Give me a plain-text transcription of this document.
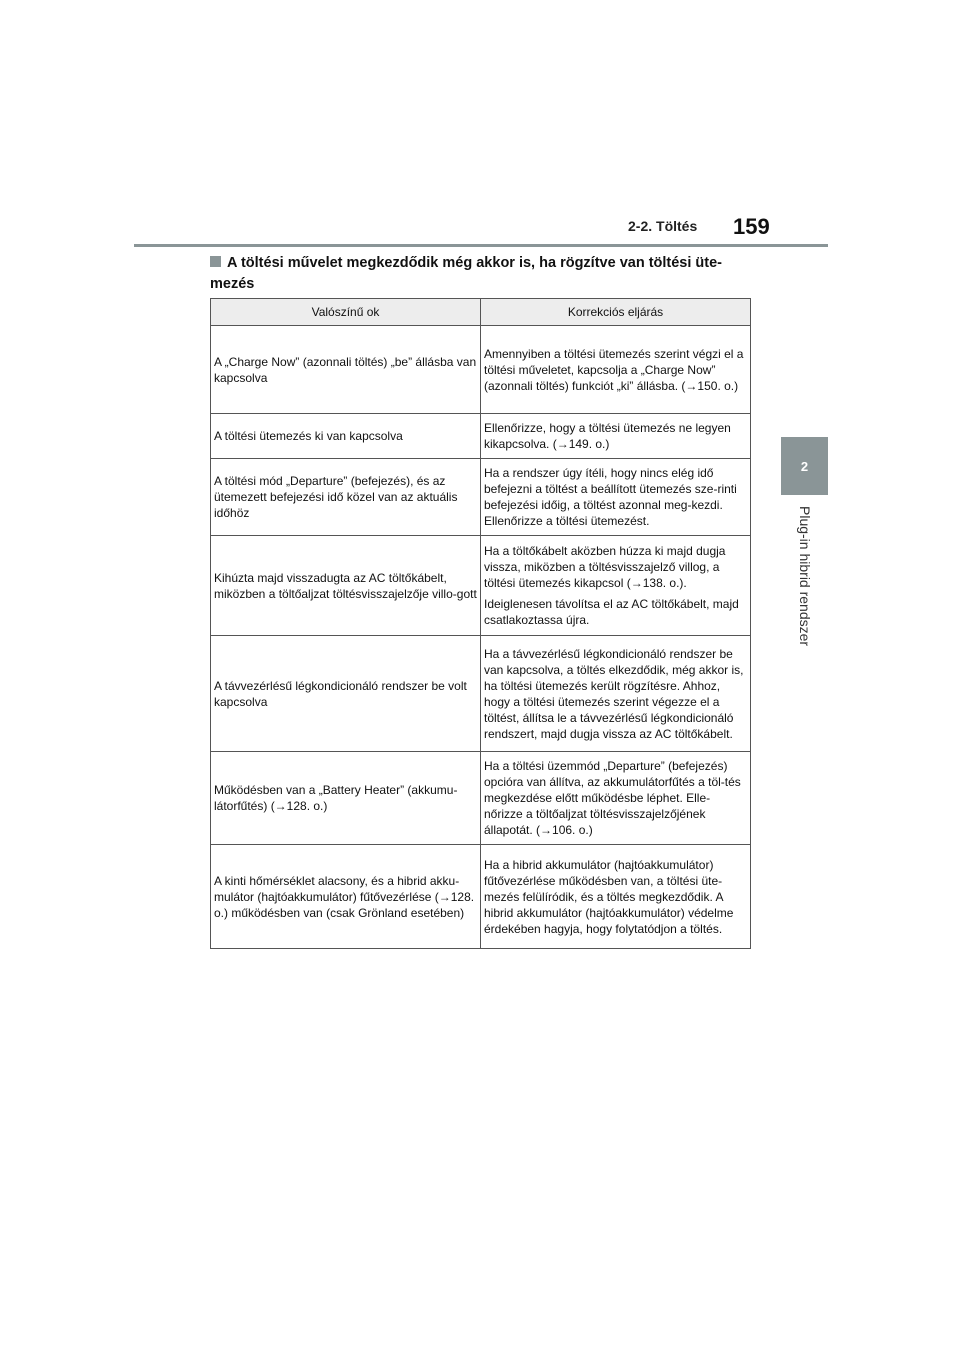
2-2. Töltés 159
2
Plug-in hibrid rendszer
A töltési művelet megkezdődik még akkor is, ha rögzítve van töltési üte-mezés
Valószínű ok	Korrekciós eljárás
A „Charge Now” (azonnali töltés) „be” állásba van kapcsolva	Amennyiben a töltési ütemezés szerint végzi el a töltési műveletet, kapcsolja a „Charge Now” (azonnali töltés) funkciót „ki” állásba. (→150. o.)

A töltési ütemezés ki van kapcsolva	Ellenőrizze, hogy a töltési ütemezés ne legyen kikapcsolva. (→149. o.)

A töltési mód „Departure” (befejezés), és az ütemezett befejezési idő közel van az aktuális időhöz	Ha a rendszer úgy ítéli, hogy nincs elég idő befejezni a töltést a beállított ütemezés sze-rinti befejezési időig, a töltést azonnal meg-kezdi. Ellenőrizze a töltési ütemezést.

Kihúzta majd visszadugta az AC töltőkábelt, miközben a töltőaljzat töltésvisszajelzője villo-gott	Ha a töltőkábelt aközben húzza ki majd dugja vissza, miközben a töltésvisszajelző villog, a töltési ütemezés kikapcsol (→138. o.).

Ideiglenesen távolítsa el az AC töltőkábelt, majd csatlakoztassa újra.

A távvezérlésű légkondicionáló rendszer be volt kapcsolva	Ha a távvezérlésű légkondicionáló rendszer be van kapcsolva, a töltés elkezdődik, még akkor is, ha töltési ütemezés került rögzítésre. Ahhoz, hogy a töltési ütemezés szerint végezze el a töltést, állítsa le a távvezérlésű légkondicionáló rendszert, majd dugja vissza az AC töltőkábelt.

Működésben van a „Battery Heater” (akkumu-látorfűtés) (→128. o.)	Ha a töltési üzemmód „Departure” (befejezés) opcióra van állítva, az akkumulátorfűtés a töl-tés megkezdése előtt működésbe léphet. Elle-nőrizze a töltőaljzat töltésvisszajelzőjének állapotát. (→106. o.)

A kinti hőmérséklet alacsony, és a hibrid akku-mulátor (hajtóakkumulátor) fűtővezérlése (→128. o.) működésben van (csak Grönland esetében)	Ha a hibrid akkumulátor (hajtóakkumulátor) fűtővezérlése működésben van, a töltési üte-mezés felülíródik, és a töltés megkezdődik. A hibrid akkumulátor (hajtóakkumulátor) védelme érdekében hagyja, hogy folytatódjon a töltés.
